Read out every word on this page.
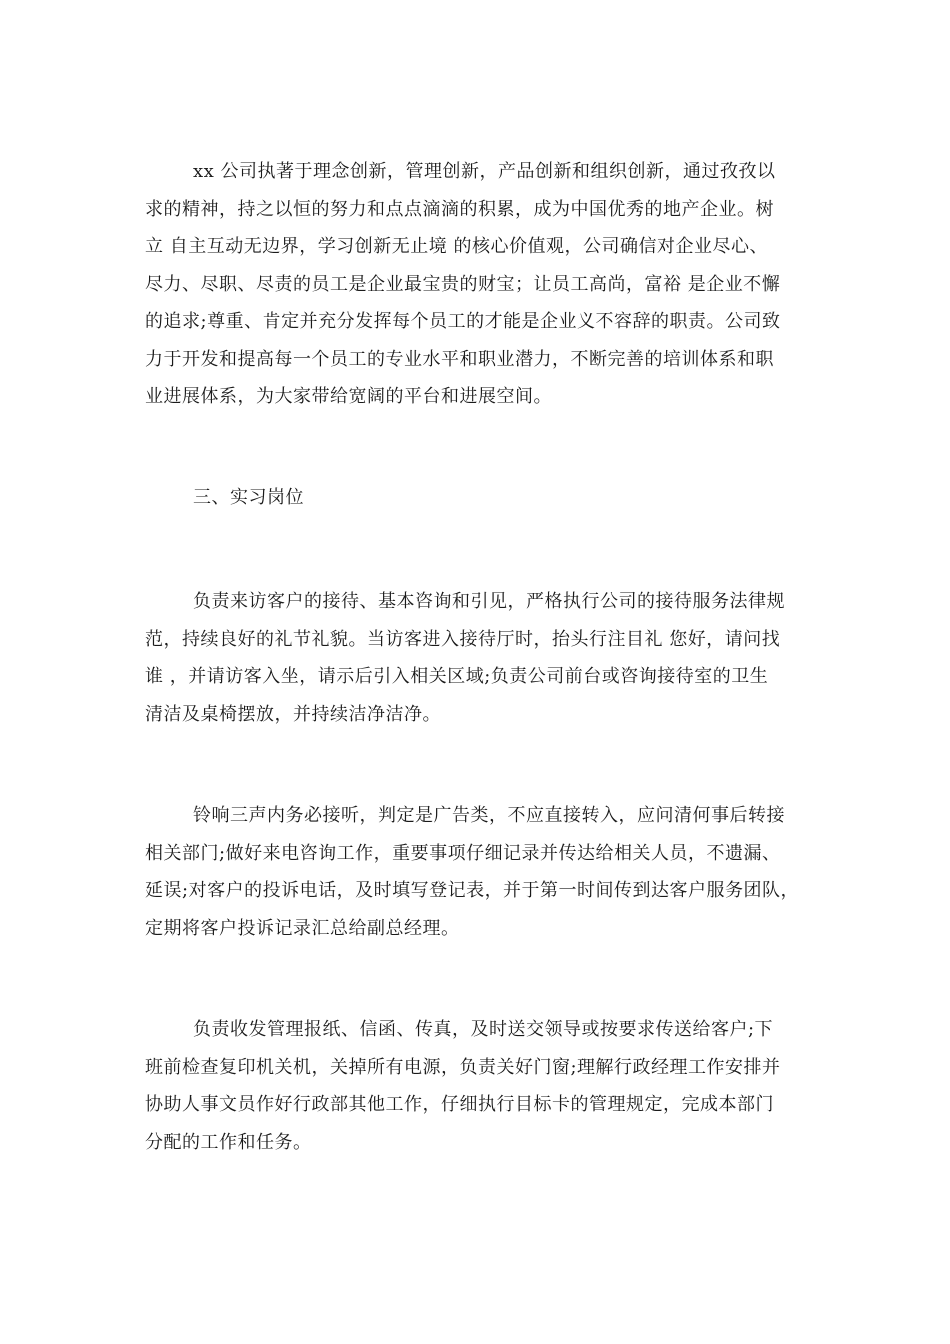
xx 公司执著于理念创新，管理创新，产品创新和组织创新，通过孜孜以
求的精神，持之以恒的努力和点点滴滴的积累，成为中国优秀的地产企业。树
立 自主互动无边界，学习创新无止境 的核心价值观，公司确信对企业尽心、
尽力、尽职、尽责的员工是企业最宝贵的财宝；让员工高尚，富裕 是企业不懈
的追求;尊重、肯定并充分发挥每个员工的才能是企业义不容辞的职责。公司致
力于开发和提高每一个员工的专业水平和职业潜力，不断完善的培训体系和职
业进展体系，为大家带给宽阔的平台和进展空间。
三、实习岗位
负责来访客户的接待、基本咨询和引见，严格执行公司的接待服务法律规
范，持续良好的礼节礼貌。当访客进入接待厅时，抬头行注目礼 您好，请问找
谁 ，并请访客入坐，请示后引入相关区域;负责公司前台或咨询接待室的卫生
清洁及桌椅摆放，并持续洁净洁净。
铃响三声内务必接听，判定是广告类，不应直接转入，应问清何事后转接
相关部门;做好来电咨询工作，重要事项仔细记录并传达给相关人员，不遗漏、
延误;对客户的投诉电话，及时填写登记表，并于第一时间传到达客户服务团队，
定期将客户投诉记录汇总给副总经理。
负责收发管理报纸、信函、传真，及时送交领导或按要求传送给客户;下
班前检查复印机关机，关掉所有电源，负责关好门窗;理解行政经理工作安排并
协助人事文员作好行政部其他工作，仔细执行目标卡的管理规定，完成本部门
分配的工作和任务。
